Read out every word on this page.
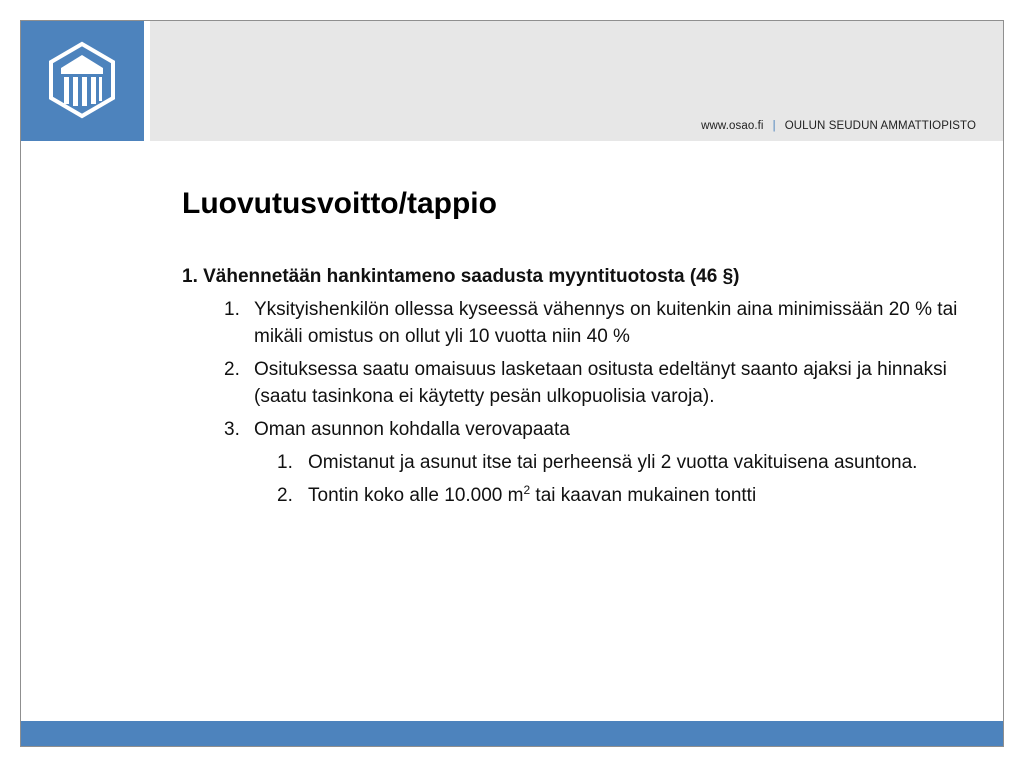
www.osao.fi | OULUN SEUDUN AMMATTIOPISTO
Luovutusvoitto/tappio
1. Vähennetään hankintameno saadusta myyntituotosta (46 §)
1. Yksityishenkilön ollessa kyseessä vähennys on kuitenkin aina minimissään 20 % tai mikäli omistus on ollut yli 10 vuotta niin 40 %
2. Osituksessa saatu omaisuus lasketaan ositusta edeltänyt saanto ajaksi ja hinnaksi (saatu tasinkona ei käytetty pesän ulkopuolisia varoja).
3. Oman asunnon kohdalla verovapaata
1. Omistanut ja asunut itse tai perheensä yli 2 vuotta vakituisena asuntona.
2. Tontin koko alle 10.000 $m^2$ tai kaavan mukainen tontti
